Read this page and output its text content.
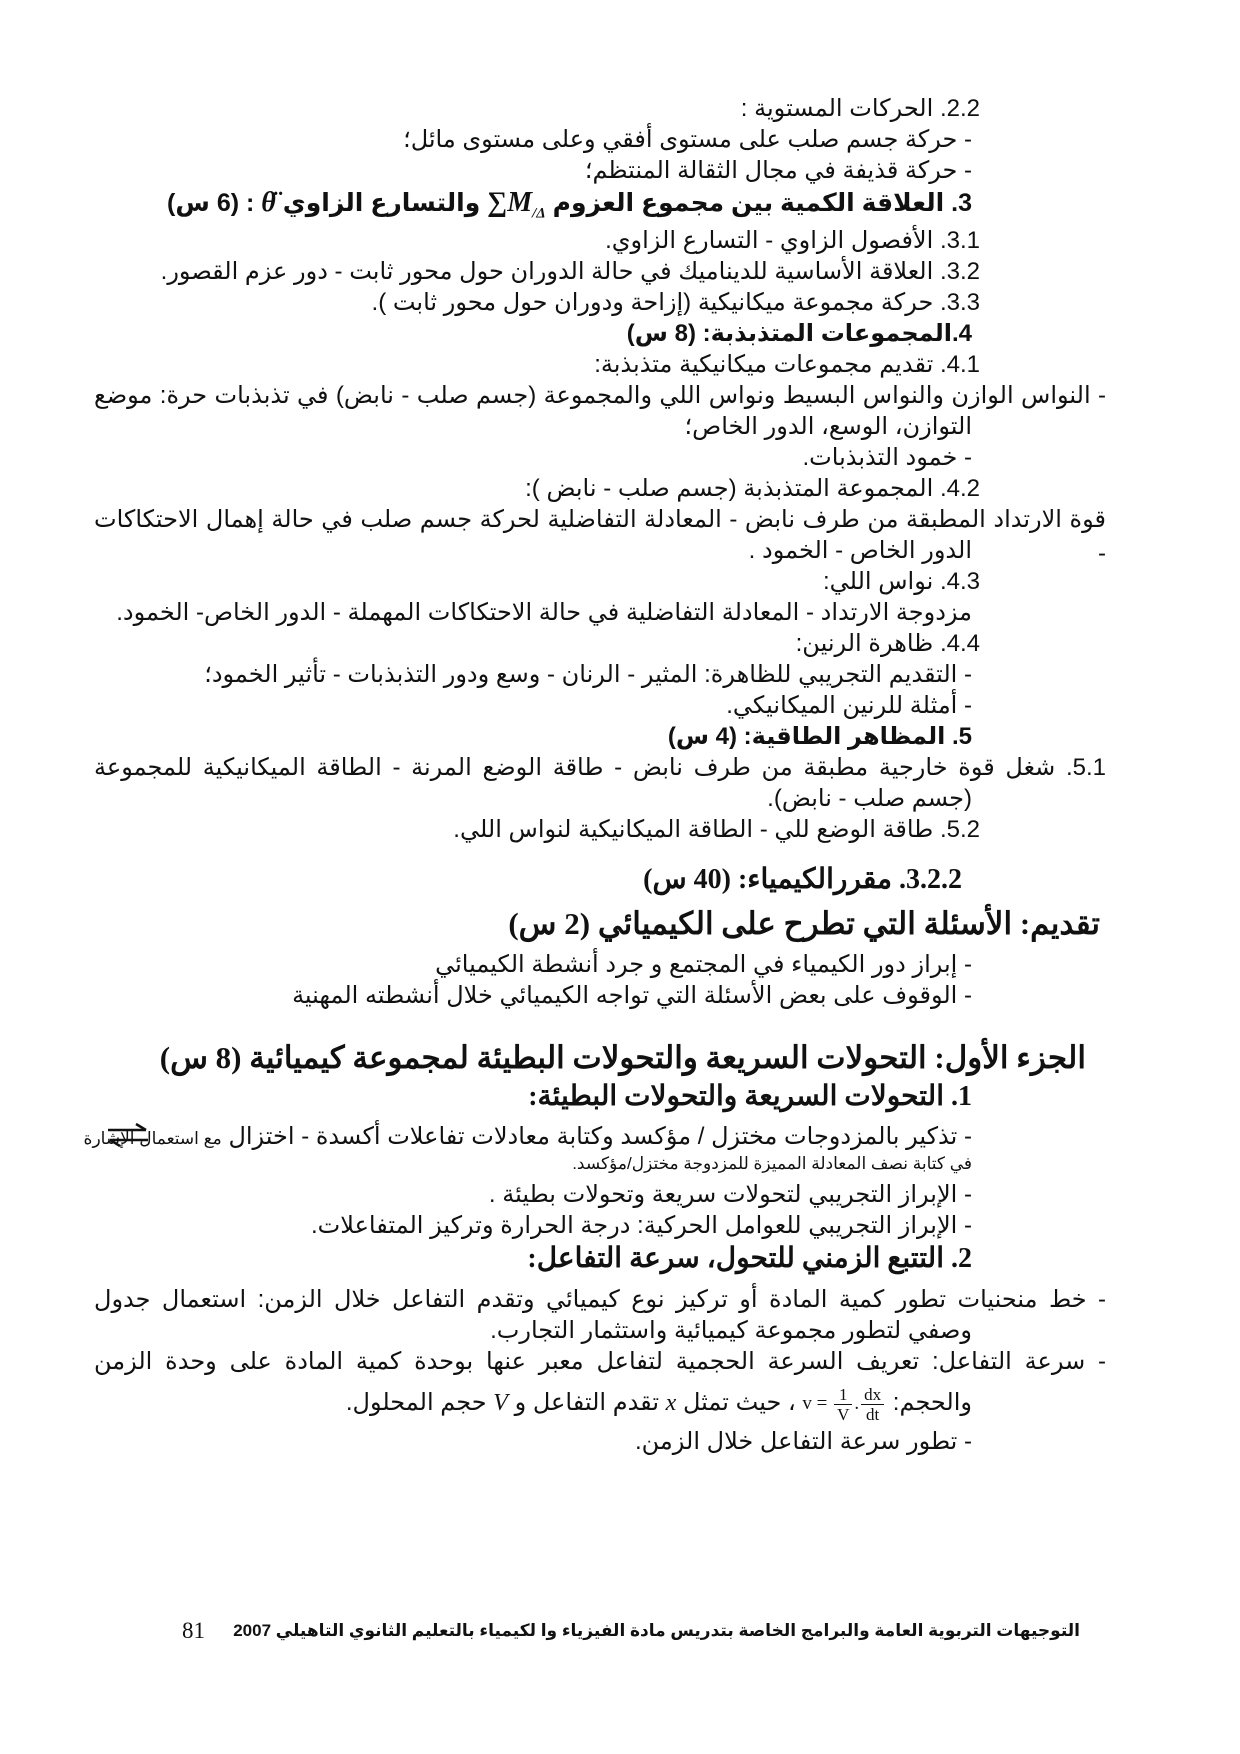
2.2. الحركات المستوية :
- حركة جسم صلب على مستوى أفقي وعلى مستوى مائل؛
- حركة قذيفة في مجال الثقالة المنتظم؛
3. العلاقة الكمية بين مجموع العزوم $\sum M_{/\Delta}$ والتسارع الزاوي θ̈ : (6 س)
3.1. الأفصول الزاوي - التسارع الزاوي.
3.2. العلاقة الأساسية للديناميك في حالة الدوران حول محور ثابت - دور عزم القصور.
3.3. حركة مجموعة ميكانيكية (إزاحة ودوران حول محور ثابت ).
4.المجموعات المتذبذبة: (8 س)
4.1. تقديم مجموعات ميكانيكية متذبذبة:
- النواس الوازن والنواس البسيط ونواس اللي والمجموعة (جسم صلب - نابض) في تذبذبات حرة: موضع
التوازن، الوسع، الدور الخاص؛
- خمود التذبذبات.
4.2. المجموعة المتذبذبة (جسم صلب - نابض ):
قوة الارتداد المطبقة من طرف نابض - المعادلة التفاضلية لحركة جسم صلب في حالة إهمال الاحتكاكات -
الدور الخاص - الخمود .
4.3. نواس اللي:
مزدوجة الارتداد - المعادلة التفاضلية في حالة الاحتكاكات المهملة - الدور الخاص- الخمود.
4.4. ظاهرة الرنين:
- التقديم التجريبي للظاهرة: المثير - الرنان - وسع ودور التذبذبات - تأثير الخمود؛
- أمثلة للرنين الميكانيكي.
5. المظاهر الطاقية: (4 س)
5.1. شغل قوة خارجية مطبقة من طرف نابض - طاقة الوضع المرنة - الطاقة الميكانيكية للمجموعة
(جسم صلب - نابض).
5.2. طاقة الوضع للي - الطاقة الميكانيكية لنواس اللي.
3.2.2. مقررالكيمياء: (40 س)
تقديم: الأسئلة التي تطرح على الكيميائي (2 س)
- إبراز دور الكيمياء في المجتمع و جرد أنشطة الكيميائي
- الوقوف على بعض الأسئلة التي تواجه الكيميائي خلال أنشطته المهنية
الجزء الأول: التحولات السريعة والتحولات البطيئة لمجموعة كيميائية (8 س)
1. التحولات السريعة والتحولات البطيئة:
- تذكير بالمزدوجات مختزل / مؤكسد وكتابة معادلات تفاعلات أكسدة - اختزال مع استعمال الإشارة
في كتابة نصف المعادلة المميزة للمزدوجة مختزل/مؤكسد.
- الإبراز التجريبي لتحولات سريعة وتحولات بطيئة .
- الإبراز التجريبي للعوامل الحركية: درجة الحرارة وتركيز المتفاعلات.
2. التتبع الزمني للتحول، سرعة التفاعل:
- خط منحنيات تطور كمية المادة أو تركيز نوع كيميائي وتقدم التفاعل خلال الزمن: استعمال جدول
وصفي لتطور مجموعة كيميائية واستثمار التجارب.
- سرعة التفاعل: تعريف السرعة الحجمية لتفاعل معبر عنها بوحدة كمية المادة على وحدة الزمن
والحجم: $v = \frac{1}{V}$ . $\frac{dx}{dt}$
، حيث تمثل x تقدم التفاعل و V حجم المحلول.
- تطور سرعة التفاعل خلال الزمن.
التوجيهات التربوية العامة والبرامج الخاصة بتدريس مادة الفيزياء وا لكيمياء بالتعليم الثانوي التاهيلي 2007
81
